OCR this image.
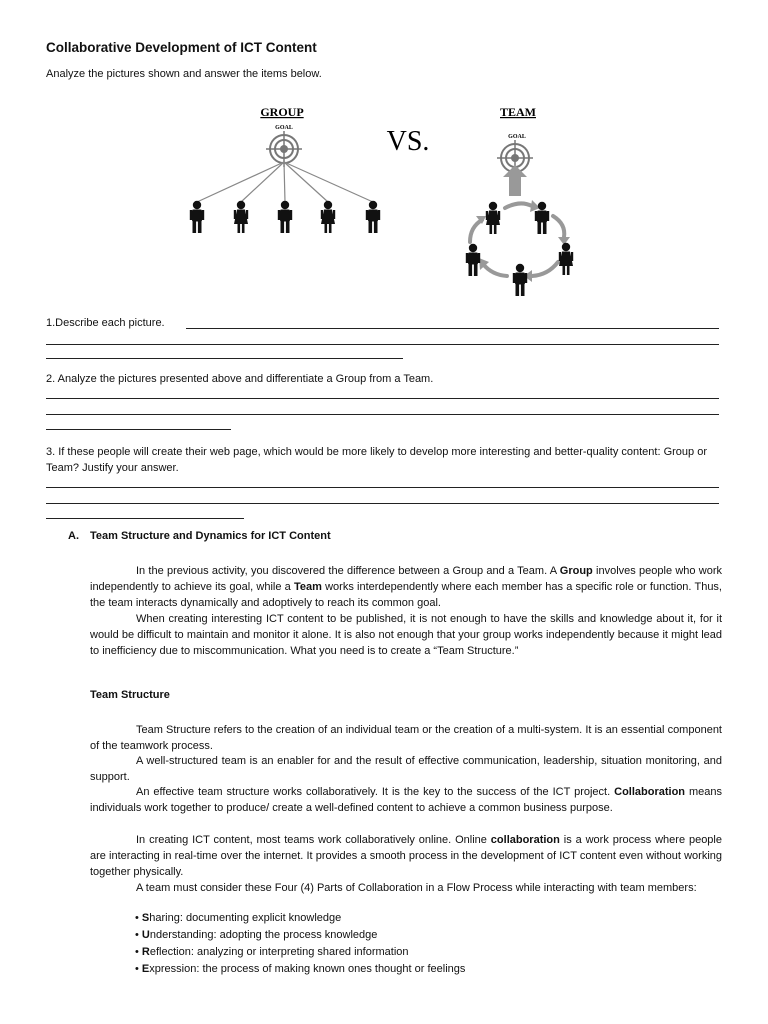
Collaborative Development of ICT Content
Analyze the pictures shown and answer the items below.
GROUP
GOAL	VS.
TEAM
GOAL
1.Describe each picture.
2. Analyze the pictures presented above and differentiate a Group from a Team.
3. If these people will create their web page, which would be more likely to develop more interesting and better-quality content: Group or Team? Justify your answer.
A. Team Structure and Dynamics for ICT Content
In the previous activity, you discovered the difference between a Group and a Team. A Group involves people who work independently to achieve its goal, while a Team works interdependently where each member has a specific role or function. Thus, the team interacts dynamically and adoptively to reach its common goal.
When creating interesting ICT content to be published, it is not enough to have the skills and knowledge about it, for it would be difficult to maintain and monitor it alone. It is also not enough that your group works independently because it might lead to inefficiency due to miscommunication. What you need is to create a “Team Structure.”
Team Structure
Team Structure refers to the creation of an individual team or the creation of a multi-system. It is an essential component of the teamwork process.
A well-structured team is an enabler for and the result of effective communication, leadership, situation monitoring, and support.
An effective team structure works collaboratively. It is the key to the success of the ICT project. Collaboration means individuals work together to produce/ create a well-defined content to achieve a common business purpose.
In creating ICT content, most teams work collaboratively online. Online collaboration is a work process where people are interacting in real-time over the internet. It provides a smooth process in the development of ICT content even without working together physically.
A team must consider these Four (4) Parts of Collaboration in a Flow Process while interacting with team members:
• Sharing: documenting explicit knowledge
• Understanding: adopting the process knowledge
• Reflection: analyzing or interpreting shared information
• Expression: the process of making known ones thought or feelings
